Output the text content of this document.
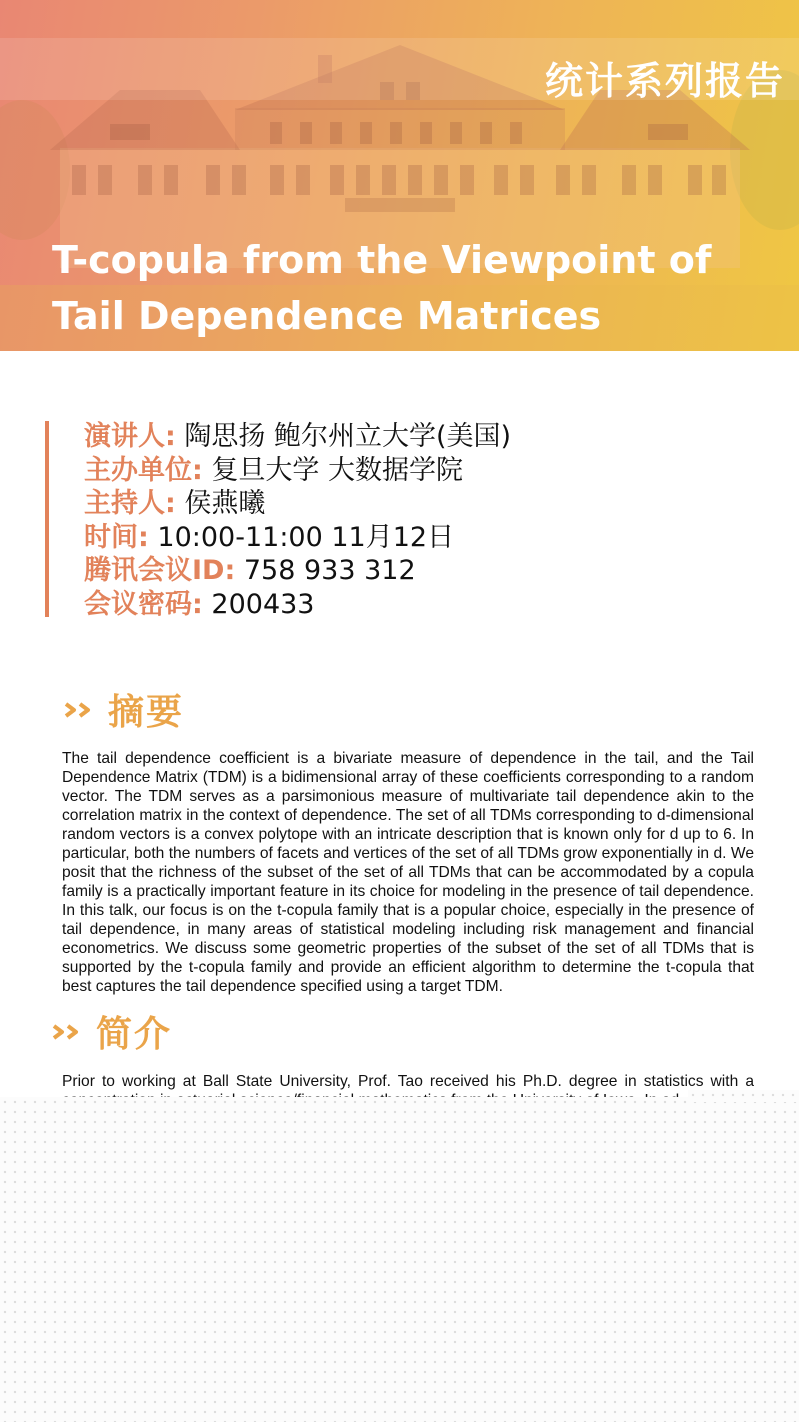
统计系列报告
T-copula from the Viewpoint of Tail Dependence Matrices
演讲人: 陶思扬 鲍尔州立大学(美国)
主办单位: 复旦大学 大数据学院
主持人: 侯燕曦
时间: 10:00-11:00 11月12日
腾讯会议ID: 758 933 312
会议密码: 200433
摘要
The tail dependence coefficient is a bivariate measure of dependence in the tail, and the Tail Dependence Matrix (TDM) is a bidimensional array of these coefficients corresponding to a random vector. The TDM serves as a parsimonious measure of multivariate tail dependence akin to the correlation matrix in the context of dependence. The set of all TDMs corresponding to d-dimensional random vectors is a convex polytope with an intricate description that is known only for d up to 6. In particular, both the numbers of facets and vertices of the set of all TDMs grow exponentially in d. We posit that the richness of the subset of the set of all TDMs that can be accommodated by a copula family is a practically important feature in its choice for modeling in the presence of tail dependence. In this talk, our focus is on the t-copula family that is a popular choice, especially in the presence of tail dependence, in many areas of statistical modeling including risk management and financial econometrics. We discuss some geometric properties of the subset of the set of all TDMs that is supported by the t-copula family and provide an efficient algorithm to determine the t-copula that best captures the tail dependence specified using a target TDM.
简介
Prior to working at Ball State University, Prof. Tao received his Ph.D. degree in statistics with a
